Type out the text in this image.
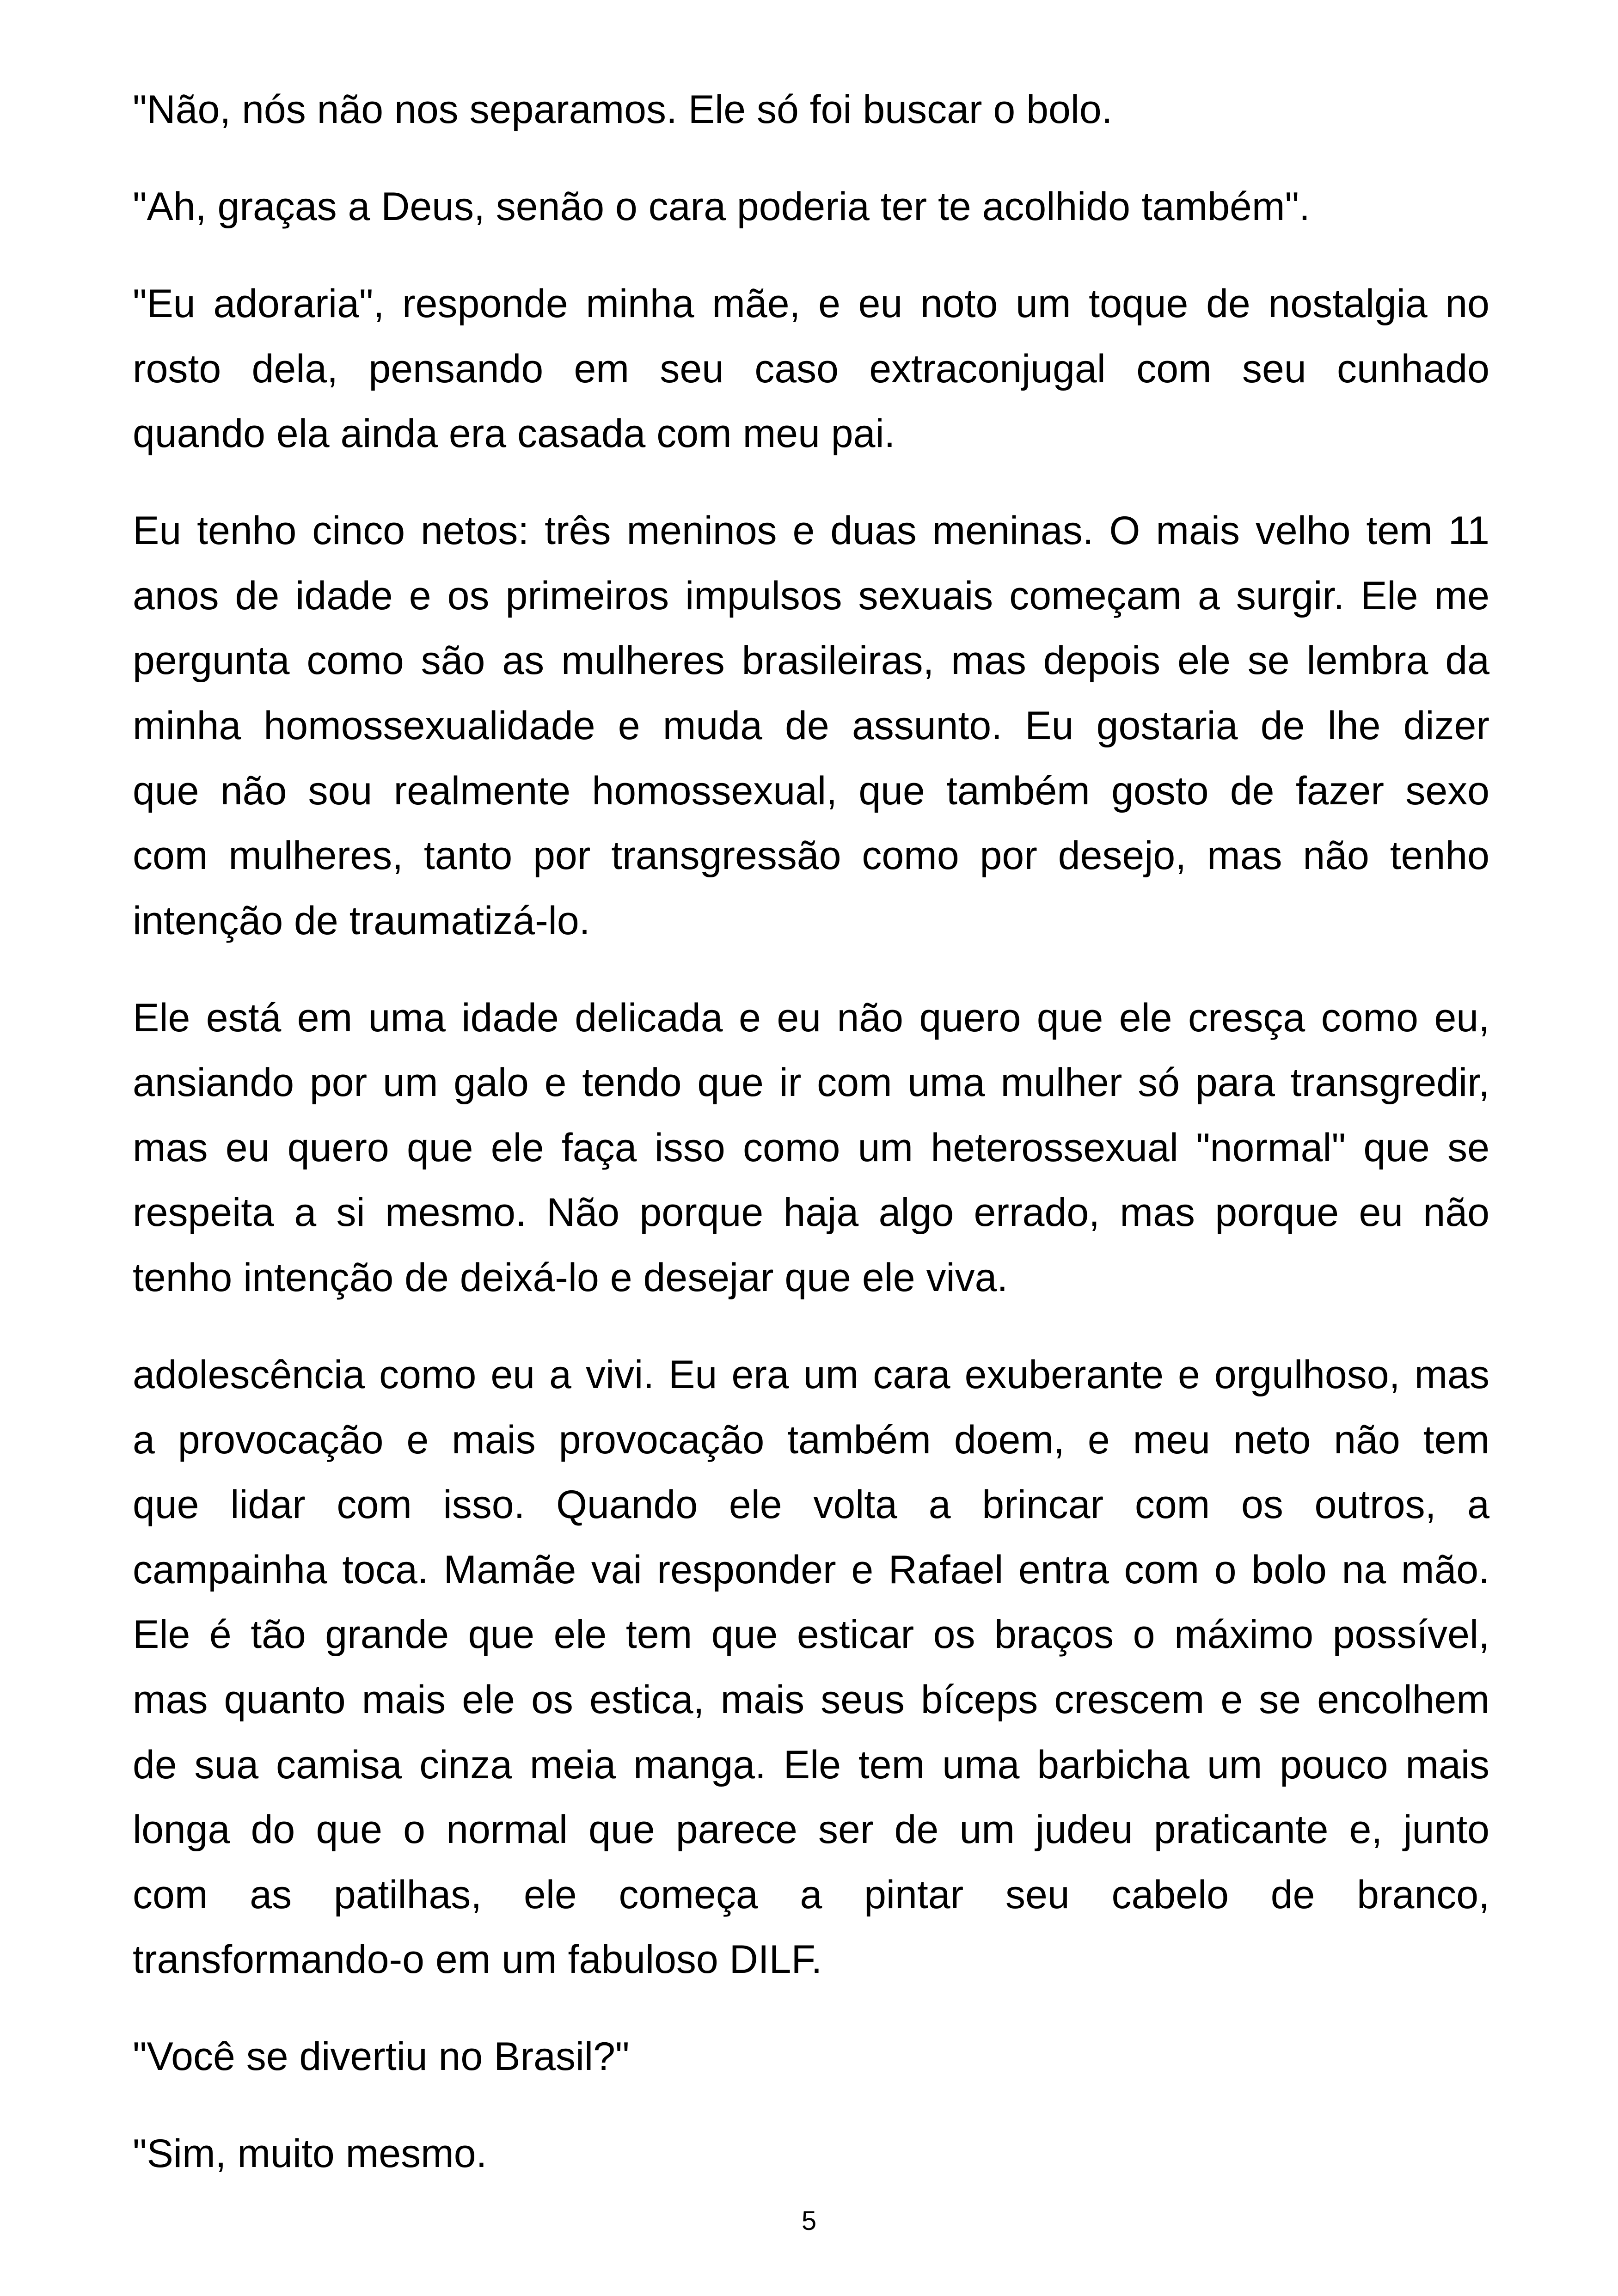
"Não, nós não nos separamos. Ele só foi buscar o bolo.
"Ah, graças a Deus, senão o cara poderia ter te acolhido também".
"Eu adoraria", responde minha mãe, e eu noto um toque de nostalgia no
rosto dela, pensando em seu caso extraconjugal com seu cunhado
quando ela ainda era casada com meu pai.
Eu tenho cinco netos: três meninos e duas meninas. O mais velho tem 11
anos de idade e os primeiros impulsos sexuais começam a surgir. Ele me
pergunta como são as mulheres brasileiras, mas depois ele se lembra da
minha homossexualidade e muda de assunto. Eu gostaria de lhe dizer
que não sou realmente homossexual, que também gosto de fazer sexo
com mulheres, tanto por transgressão como por desejo, mas não tenho
intenção de traumatizá-lo.
Ele está em uma idade delicada e eu não quero que ele cresça como eu,
ansiando por um galo e tendo que ir com uma mulher só para transgredir,
mas eu quero que ele faça isso como um heterossexual "normal" que se
respeita a si mesmo. Não porque haja algo errado, mas porque eu não
tenho intenção de deixá-lo e desejar que ele viva.
adolescência como eu a vivi. Eu era um cara exuberante e orgulhoso, mas
a provocação e mais provocação também doem, e meu neto não tem
que lidar com isso. Quando ele volta a brincar com os outros, a
campainha toca. Mamãe vai responder e Rafael entra com o bolo na mão.
Ele é tão grande que ele tem que esticar os braços o máximo possível,
mas quanto mais ele os estica, mais seus bíceps crescem e se encolhem
de sua camisa cinza meia manga. Ele tem uma barbicha um pouco mais
longa do que o normal que parece ser de um judeu praticante e, junto
com as patilhas, ele começa a pintar seu cabelo de branco,
transformando-o em um fabuloso DILF.
"Você se divertiu no Brasil?"
"Sim, muito mesmo.
5
